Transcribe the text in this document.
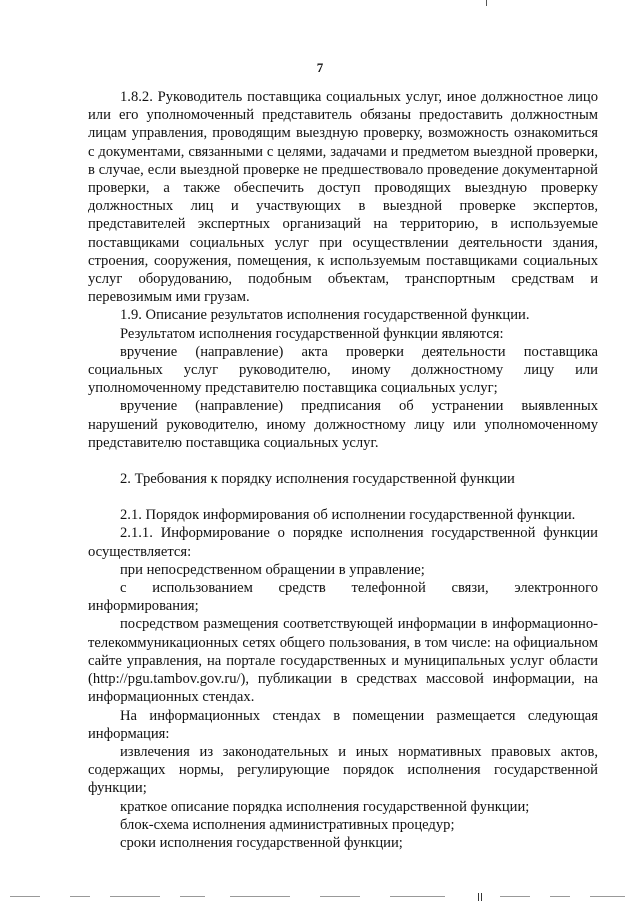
7

1.8.2. Руководитель поставщика социальных услуг, иное должностное лицо или его уполномоченный представитель обязаны предоставить должностным лицам управления, проводящим выездную проверку, возможность ознакомиться с документами, связанными с целями, задачами и предметом выездной проверки, в случае, если выездной проверке не предшествовало проведение документарной проверки, а также обеспечить доступ проводящих выездную проверку должностных лиц и участвующих в выездной проверке экспертов, представителей экспертных организаций на территорию, в используемые поставщиками социальных услуг при осуществлении деятельности здания, строения, сооружения, помещения, к используемым поставщиками социальных услуг оборудованию, подобным объектам, транспортным средствам и перевозимым ими грузам.

1.9. Описание результатов исполнения государственной функции.

Результатом исполнения государственной функции являются:

вручение (направление) акта проверки деятельности поставщика социальных услуг руководителю, иному должностному лицу или уполномоченному представителю поставщика социальных услуг;

вручение (направление) предписания об устранении выявленных нарушений руководителю, иному должностному лицу или уполномоченному представителю поставщика социальных услуг.

2. Требования к порядку исполнения государственной функции

2.1. Порядок информирования об исполнении государственной функции.

2.1.1. Информирование о порядке исполнения государственной функции осуществляется:

при непосредственном обращении в управление;

с использованием средств телефонной связи, электронного информирования;

посредством размещения соответствующей информации в информационно-телекоммуникационных сетях общего пользования, в том числе: на официальном сайте управления, на портале государственных и муниципальных услуг области (http://pgu.tambov.gov.ru/), публикации в средствах массовой информации, на информационных стендах.

На информационных стендах в помещении размещается следующая информация:

извлечения из законодательных и иных нормативных правовых актов, содержащих нормы, регулирующие порядок исполнения государственной функции;

краткое описание порядка исполнения государственной функции;

блок-схема исполнения административных процедур;

сроки исполнения государственной функции;
